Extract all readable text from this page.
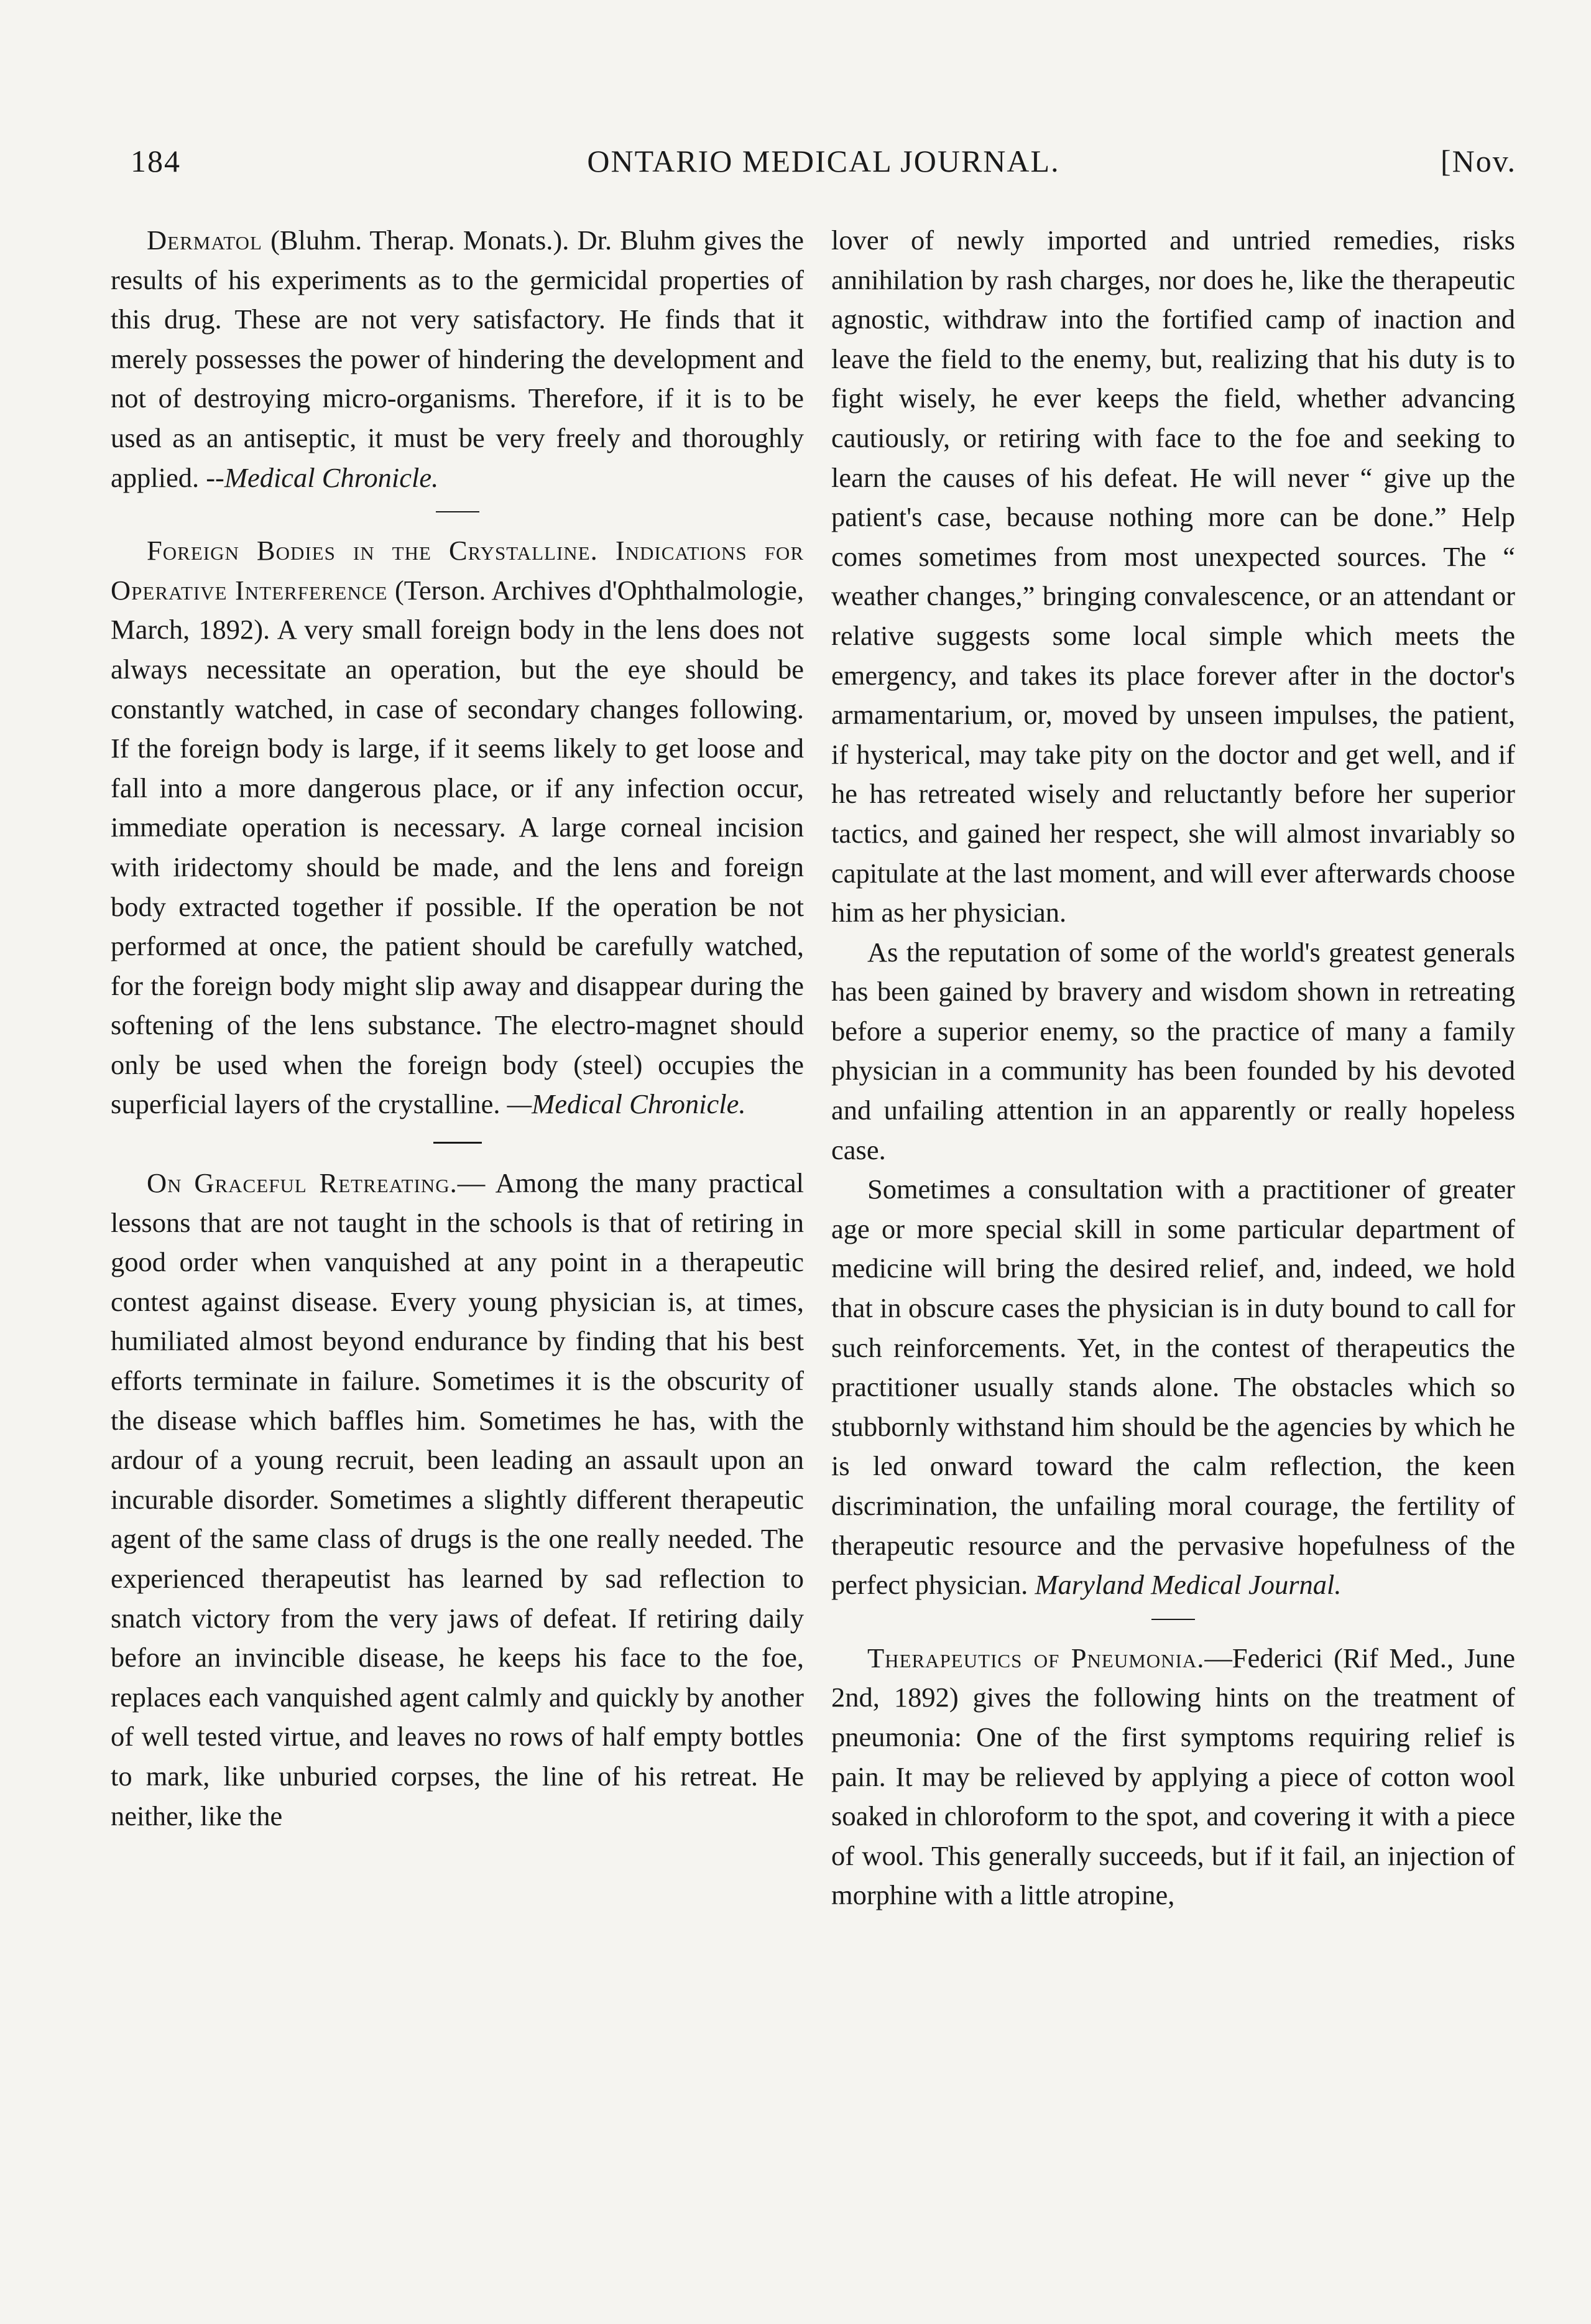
184	ONTARIO MEDICAL JOURNAL.	[Nov.

Dermatol (Bluhm. Therap. Monats.). Dr. Bluhm gives the results of his experiments as to the germicidal properties of this drug. These are not very satisfactory. He finds that it merely possesses the power of hindering the development and not of destroying micro-organisms. Therefore, if it is to be used as an antiseptic, it must be very freely and thoroughly applied. --Medical Chronicle.

Foreign Bodies in the Crystalline. Indications for Operative Interference (Terson. Archives d'Ophthalmologie, March, 1892). A very small foreign body in the lens does not always necessitate an operation, but the eye should be constantly watched, in case of secondary changes following. If the foreign body is large, if it seems likely to get loose and fall into a more dangerous place, or if any infection occur, immediate operation is necessary. A large corneal incision with iridectomy should be made, and the lens and foreign body extracted together if possible. If the operation be not performed at once, the patient should be carefully watched, for the foreign body might slip away and disappear during the softening of the lens substance. The electro-magnet should only be used when the foreign body (steel) occupies the superficial layers of the crystalline. —Medical Chronicle.

On Graceful Retreating.— Among the many practical lessons that are not taught in the schools is that of retiring in good order when vanquished at any point in a therapeutic contest against disease. Every young physician is, at times, humiliated almost beyond endurance by finding that his best efforts terminate in failure. Sometimes it is the obscurity of the disease which baffles him. Sometimes he has, with the ardour of a young recruit, been leading an assault upon an incurable disorder. Sometimes a slightly different therapeutic agent of the same class of drugs is the one really needed. The experienced therapeutist has learned by sad reflection to snatch victory from the very jaws of defeat. If retiring daily before an invincible disease, he keeps his face to the foe, replaces each vanquished agent calmly and quickly by another of well tested virtue, and leaves no rows of half empty bottles to mark, like unburied corpses, the line of his retreat. He neither, like the

lover of newly imported and untried remedies, risks annihilation by rash charges, nor does he, like the therapeutic agnostic, withdraw into the fortified camp of inaction and leave the field to the enemy, but, realizing that his duty is to fight wisely, he ever keeps the field, whether advancing cautiously, or retiring with face to the foe and seeking to learn the causes of his defeat. He will never “ give up the patient's case, because nothing more can be done.” Help comes sometimes from most unexpected sources. The “ weather changes,” bringing convalescence, or an attendant or relative suggests some local simple which meets the emergency, and takes its place forever after in the doctor's armamentarium, or, moved by unseen impulses, the patient, if hysterical, may take pity on the doctor and get well, and if he has retreated wisely and reluctantly before her superior tactics, and gained her respect, she will almost invariably so capitulate at the last moment, and will ever afterwards choose him as her physician.

As the reputation of some of the world's greatest generals has been gained by bravery and wisdom shown in retreating before a superior enemy, so the practice of many a family physician in a community has been founded by his devoted and unfailing attention in an apparently or really hopeless case.

Sometimes a consultation with a practitioner of greater age or more special skill in some particular department of medicine will bring the desired relief, and, indeed, we hold that in obscure cases the physician is in duty bound to call for such reinforcements. Yet, in the contest of therapeutics the practitioner usually stands alone. The obstacles which so stubbornly withstand him should be the agencies by which he is led onward toward the calm reflection, the keen discrimination, the unfailing moral courage, the fertility of therapeutic resource and the pervasive hopefulness of the perfect physician. Maryland Medical Journal.

Therapeutics of Pneumonia.—Federici (Rif Med., June 2nd, 1892) gives the following hints on the treatment of pneumonia: One of the first symptoms requiring relief is pain. It may be relieved by applying a piece of cotton wool soaked in chloroform to the spot, and covering it with a piece of wool. This generally succeeds, but if it fail, an injection of morphine with a little atropine,
